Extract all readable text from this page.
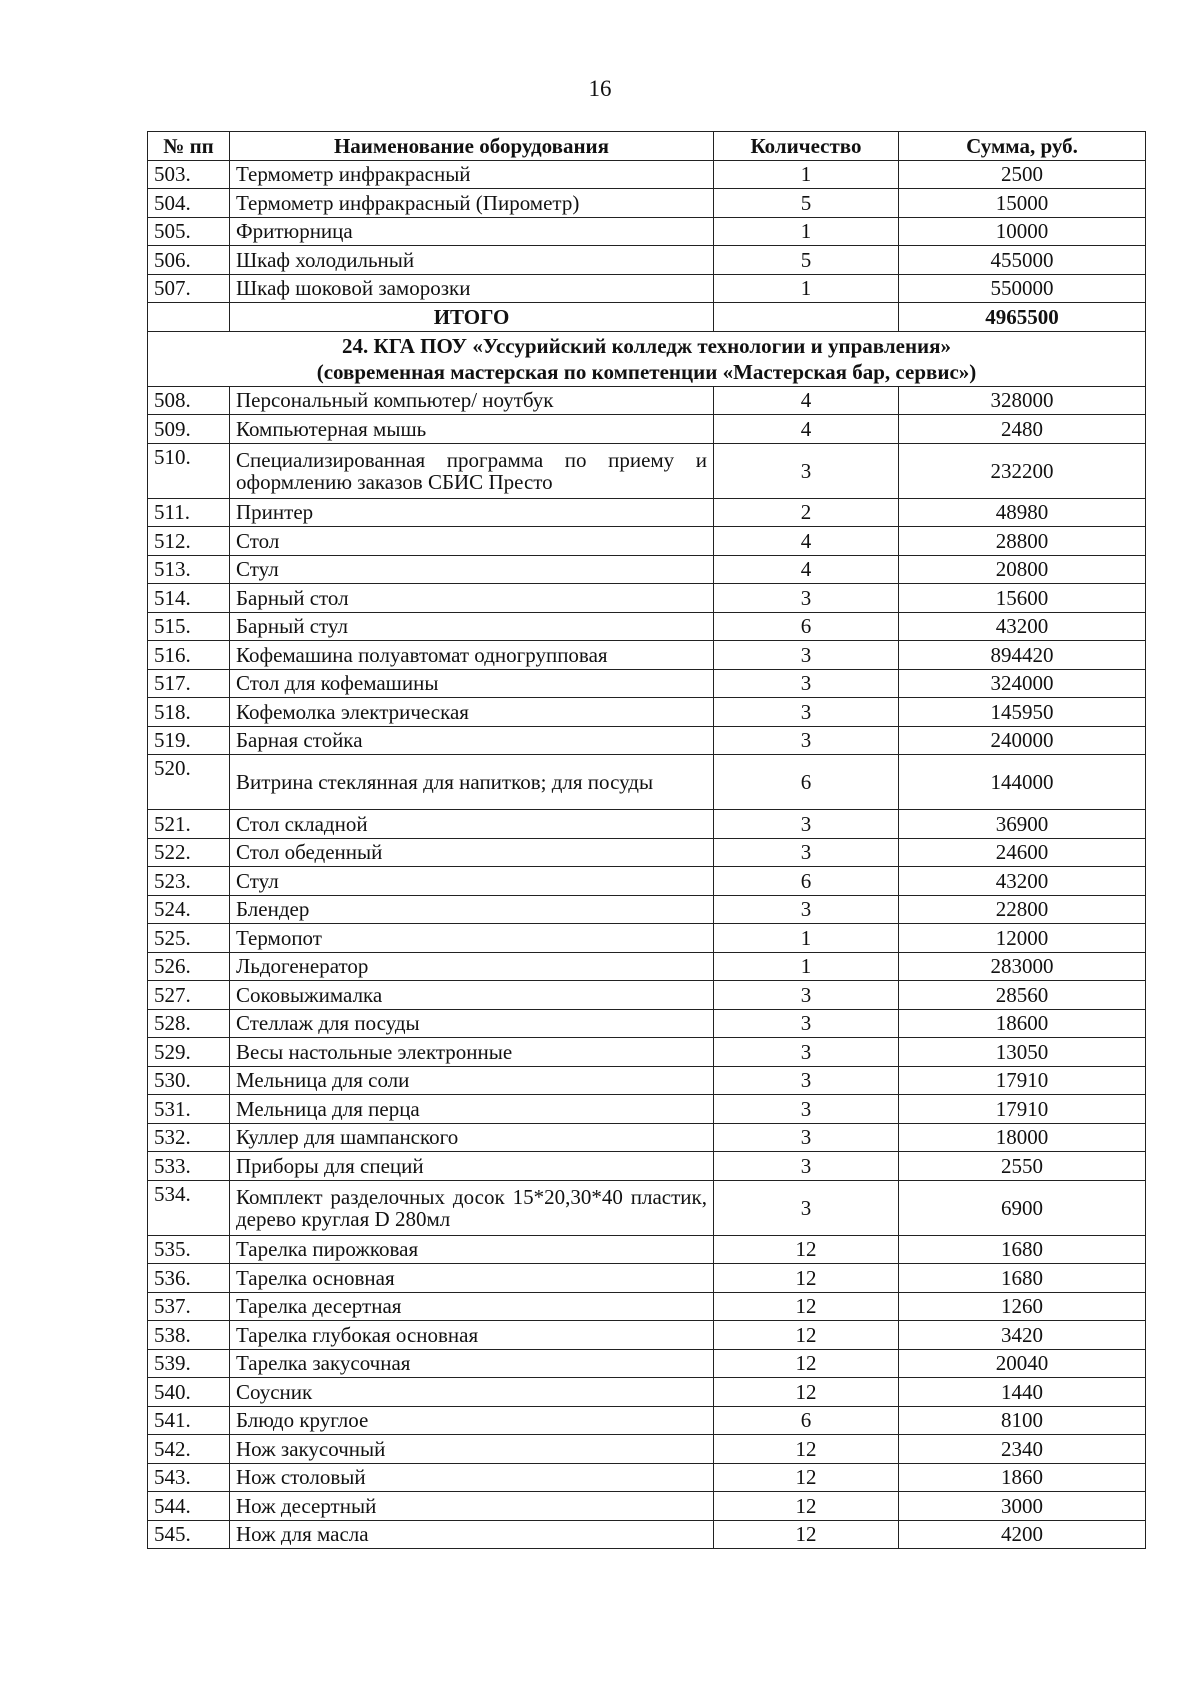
16
№ пп	Наименование оборудования	Количество	Сумма, руб.
503.	Термометр инфракрасный	1	2500
504.	Термометр инфракрасный (Пирометр)	5	15000
505.	Фритюрница	1	10000
506.	Шкаф холодильный	5	455000
507.	Шкаф шоковой заморозки	1	550000
	ИТОГО		4965500

24. КГА ПОУ «Уссурийский колледж технологии и управления»
(современная мастерская по компетенции «Мастерская бар, сервис»)			

508.	Персональный компьютер/ ноутбук	4	328000
509.	Компьютерная мышь	4	2480
510.	Специализированная программа по приему и оформлению заказов СБИС Престо	3	232200
511.	Принтер	2	48980
512.	Стол	4	28800
513.	Стул	4	20800
514.	Барный стол	3	15600
515.	Барный стул	6	43200
516.	Кофемашина полуавтомат одногрупповая	3	894420
517.	Стол для кофемашины	3	324000
518.	Кофемолка электрическая	3	145950
519.	Барная стойка	3	240000
520.	Витрина стеклянная для напитков; для посуды	6	144000
521.	Стол складной	3	36900
522.	Стол обеденный	3	24600
523.	Стул	6	43200
524.	Блендер	3	22800
525.	Термопот	1	12000
526.	Льдогенератор	1	283000
527.	Соковыжималка	3	28560
528.	Стеллаж для посуды	3	18600
529.	Весы настольные электронные	3	13050
530.	Мельница для соли	3	17910
531.	Мельница для перца	3	17910
532.	Куллер для шампанского	3	18000
533.	Приборы для специй	3	2550
534.	Комплект разделочных досок 15*20,30*40 пластик, дерево круглая D 280мл	3	6900
535.	Тарелка пирожковая	12	1680
536.	Тарелка основная	12	1680
537.	Тарелка десертная	12	1260
538.	Тарелка глубокая основная	12	3420
539.	Тарелка закусочная	12	20040
540.	Соусник	12	1440
541.	Блюдо круглое	6	8100
542.	Нож закусочный	12	2340
543.	Нож столовый	12	1860
544.	Нож десертный	12	3000
545.	Нож для масла	12	4200
